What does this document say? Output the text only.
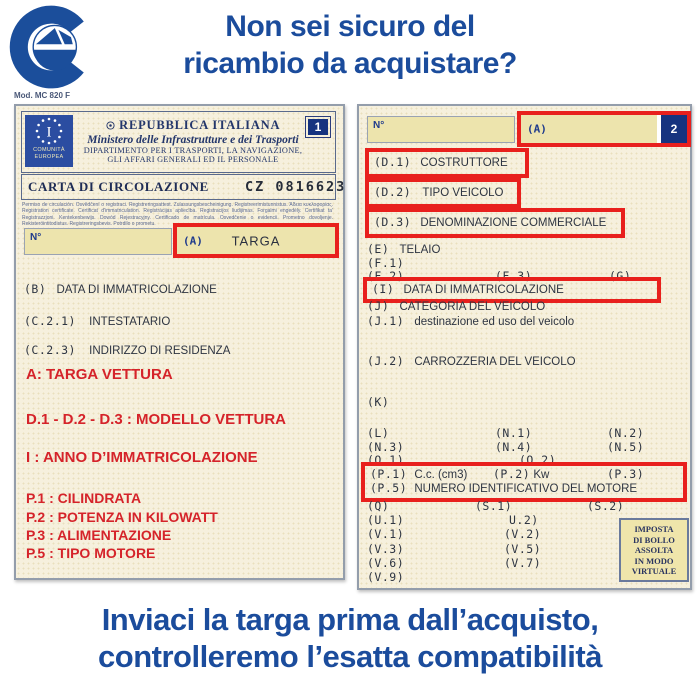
Non sei sicuro del
ricambio da acquistare?
Mod. MC 820 F
I
COMUNITÀ
EUROPEA
REPUBBLICA ITALIANA
Ministero delle Infrastrutture e dei Trasporti
DIPARTIMENTO PER I TRASPORTI, LA NAVIGAZIONE,
GLI AFFARI GENERALI ED IL PERSONALE
1
CARTA DI CIRCOLAZIONE	CZ 0816623
Permiso de circulación. Osvědčení o registraci. Registreringsattest. Zulassungsbescheinigung. Registreerimistunnistus. Άδεια κυκλοφορίας. Registration certificate. Certificat d'immatriculation. Registrácijas apliecība. Registracijos liudijimas. Forgalmi engedély. Certifikat ta' Registrazzjoni. Kentekenbewijs. Dowód Rejestracyjny. Certificado de matrícula. Osvedčenie o evidencii. Prometno dovoljenje. Rekisteröintitodistus. Registreringsbevis. Potrdilo o prometu.
N°	(A)	TARGA
(B) DATA DI IMMATRICOLAZIONE
(C.2.1) INTESTATARIO
(C.2.3) INDIRIZZO DI RESIDENZA
A: TARGA VETTURA
D.1 - D.2 - D.3 : MODELLO VETTURA
I : ANNO D’IMMATRICOLAZIONE
P.1 : CILINDRATA
P.2 : POTENZA IN KILOWATT
P.3 : ALIMENTAZIONE
P.5 : TIPO MOTORE
N°	(A)	2
(D.1) COSTRUTTORE
(D.2) TIPO VEICOLO
(D.3) DENOMINAZIONE COMMERCIALE
(E) TELAIO
(F.1)
(F.2)	(F.3)	(G)
(I) DATA DI IMMATRICOLAZIONE
(J) CATEGORIA DEL VEICOLO
(J.1) destinazione ed uso del veicolo
(J.2) CARROZZERIA DEL VEICOLO
(K)
(L)	(N.1)	(N.2)
(N.3)	(N.4)	(N.5)
(O.1)	(O.2)
(P.1) C.c. (cm3) (P.2) Kw	(P.3)
(P.5) NUMERO IDENTIFICATIVO DEL MOTORE
(Q)	(S.1)	(S.2)
(U.1)	U.2)
(V.1)	(V.2)
(V.3)	(V.5)
(V.6)	(V.7)
(V.9)
IMPOSTA
DI BOLLO
ASSOLTA
IN MODO
VIRTUALE
Inviaci la targa prima dall’acquisto,
controlleremo l’esatta compatibilità
